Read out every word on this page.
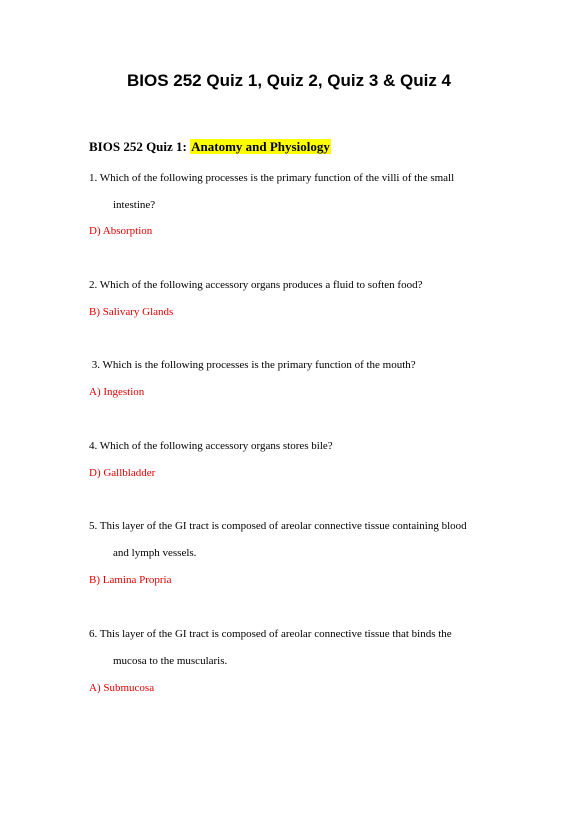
BIOS 252 Quiz 1, Quiz 2, Quiz 3 & Quiz 4
BIOS 252 Quiz 1: Anatomy and Physiology

1. Which of the following processes is the primary function of the villi of the small

intestine?

D) Absorption

2. Which of the following accessory organs produces a fluid to soften food?

B) Salivary Glands

3. Which is the following processes is the primary function of the mouth?

A) Ingestion

4. Which of the following accessory organs stores bile?

D) Gallbladder

5. This layer of the GI tract is composed of areolar connective tissue containing blood

and lymph vessels.

B) Lamina Propria

6. This layer of the GI tract is composed of areolar connective tissue that binds the

mucosa to the muscularis.

A) Submucosa
